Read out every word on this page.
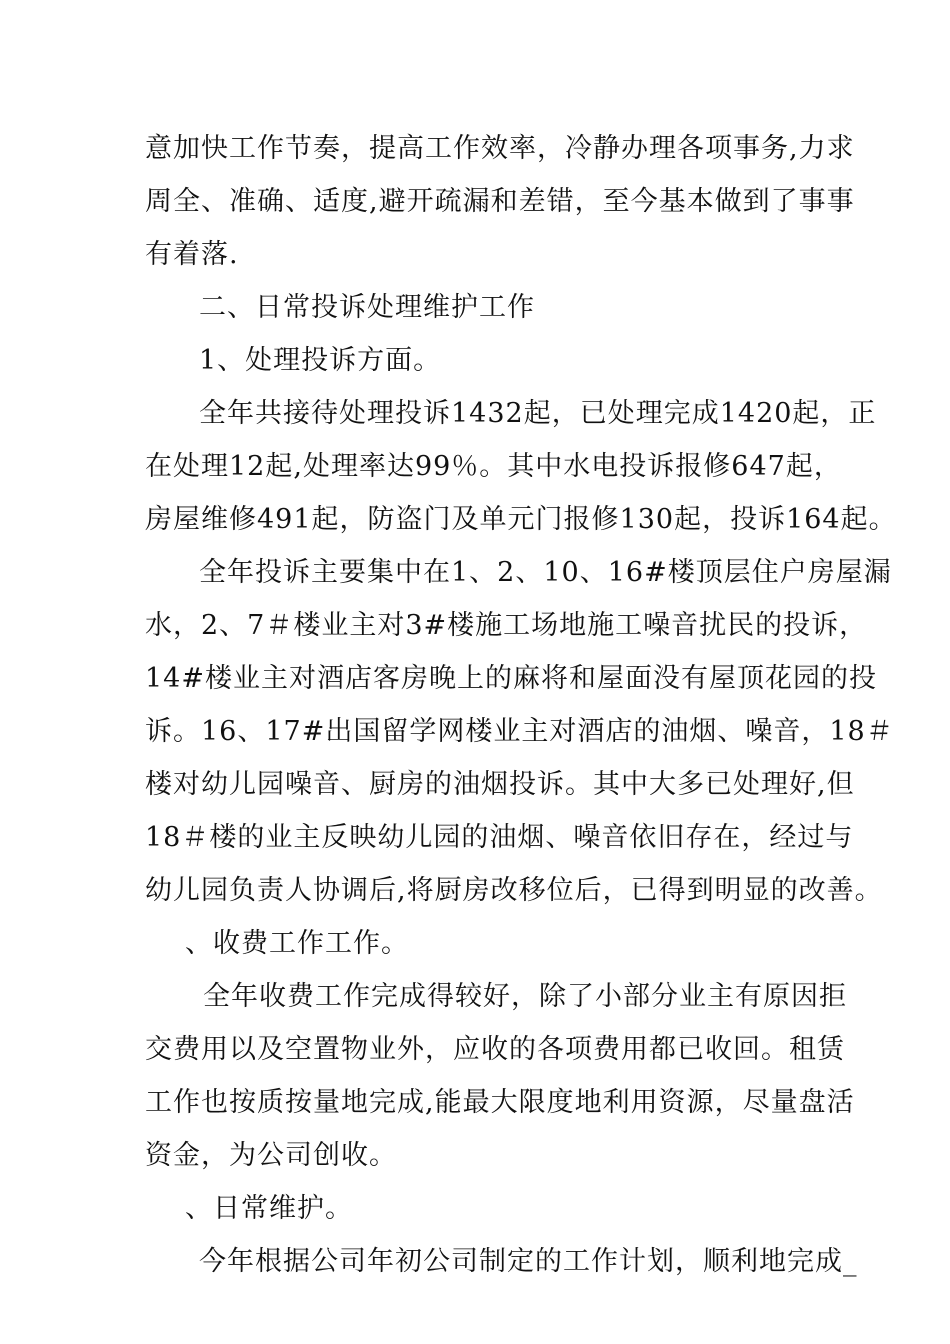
意加快工作节奏，提高工作效率，冷静办理各项事务,力求
周全、准确、适度,避开疏漏和差错，至今基本做到了事事
有着落.
二、日常投诉处理维护工作
1、处理投诉方面。
全年共接待处理投诉1432起，已处理完成1420起，正
在处理12起,处理率达99％。其中水电投诉报修647起，
房屋维修491起，防盗门及单元门报修130起，投诉164起。
全年投诉主要集中在1、2、10、16#楼顶层住户房屋漏
水，2、7＃楼业主对3#楼施工场地施工噪音扰民的投诉，
14#楼业主对酒店客房晚上的麻将和屋面没有屋顶花园的投
诉。16、17#出国留学网楼业主对酒店的油烟、噪音，18＃
楼对幼儿园噪音、厨房的油烟投诉。其中大多已处理好,但
18＃楼的业主反映幼儿园的油烟、噪音依旧存在，经过与
幼儿园负责人协调后,将厨房改移位后，已得到明显的改善。
、收费工作工作。
全年收费工作完成得较好，除了小部分业主有原因拒
交费用以及空置物业外，应收的各项费用都已收回。租赁
工作也按质按量地完成,能最大限度地利用资源，尽量盘活
资金，为公司创收。
、日常维护。
今年根据公司年初公司制定的工作计划，顺利地完成_
